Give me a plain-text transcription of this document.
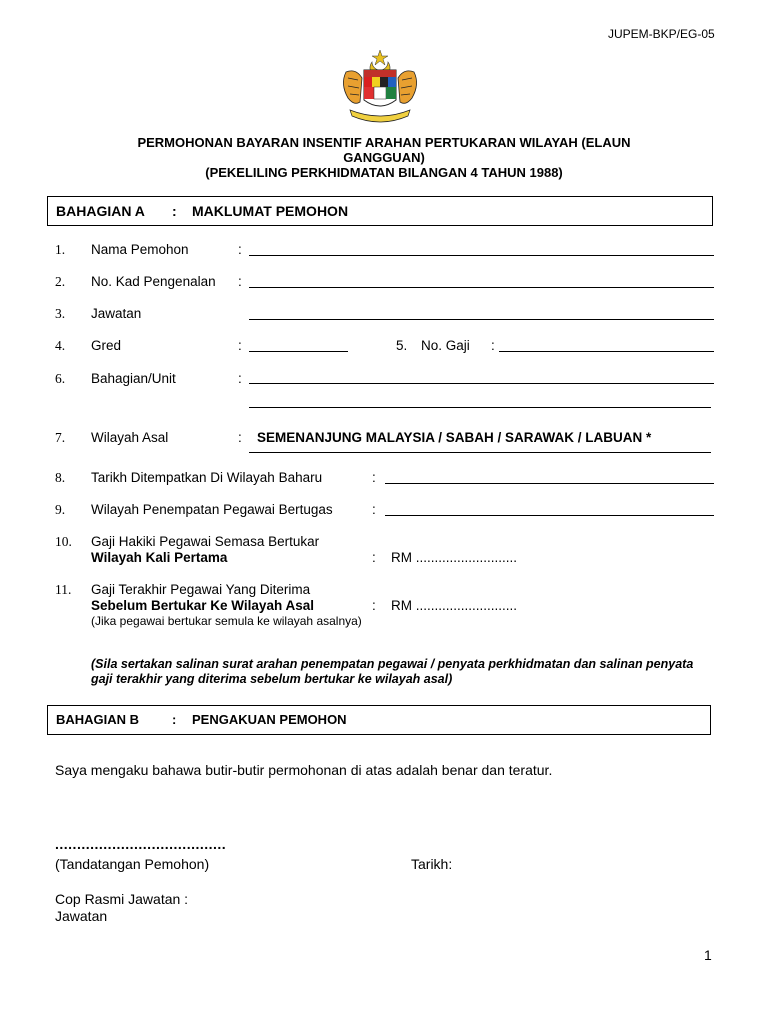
JUPEM-BKP/EG-05
PERMOHONAN BAYARAN INSENTIF ARAHAN PERTUKARAN WILAYAH (ELAUN
GANGGUAN)
(PEKELILING PERKHIDMATAN BILANGAN 4 TAHUN 1988)
BAHAGIAN A : MAKLUMAT PEMOHON
1. Nama Pemohon	:
2. No. Kad Pengenalan :
3. Jawatan
4. Gred	:	5. No. Gaji :
6. Bahagian/Unit	:
7. Wilayah Asal	: SEMENANJUNG MALAYSIA / SABAH / SARAWAK / LABUAN *
8. Tarikh Ditempatkan Di Wilayah Baharu	:
9. Wilayah Penempatan Pegawai Bertugas	:
10. Gaji Hakiki Pegawai Semasa Bertukar
Wilayah Kali Pertama	: RM ...........................
11. Gaji Terakhir Pegawai Yang Diterima
Sebelum Bertukar Ke Wilayah Asal	: RM ...........................
(Jika pegawai bertukar semula ke wilayah asalnya)
(Sila sertakan salinan surat arahan penempatan pegawai / penyata perkhidmatan dan salinan penyata
gaji terakhir yang diterima sebelum bertukar ke wilayah asal)
BAHAGIAN B	: PENGAKUAN PEMOHON
Saya mengaku bahawa butir-butir permohonan di atas adalah benar dan teratur.
.......................................
(Tandatangan Pemohon)	Tarikh:
Cop Rasmi Jawatan :
Jawatan
1
